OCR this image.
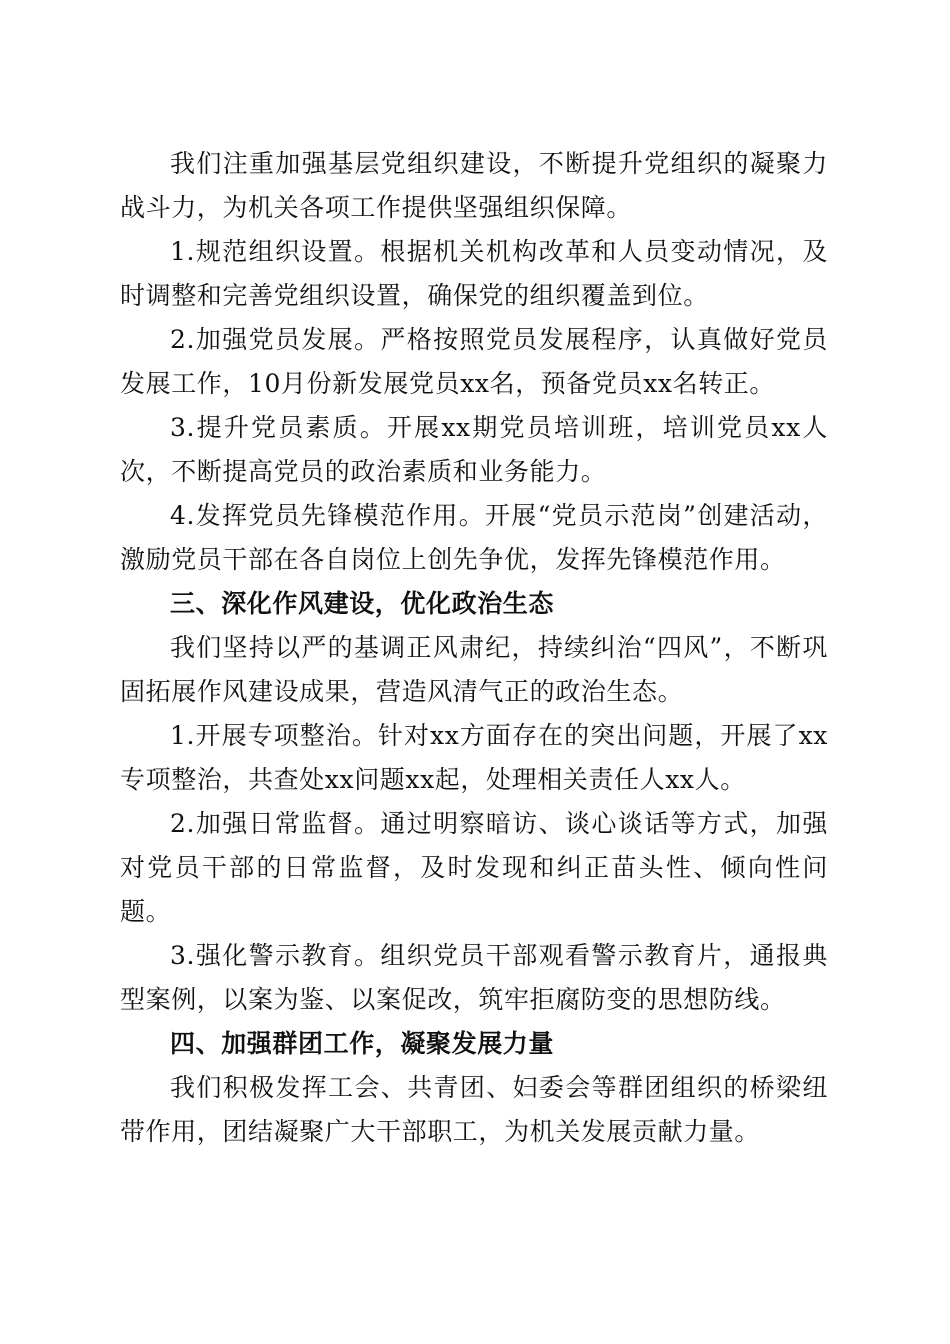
我们注重加强基层党组织建设，不断提升党组织的凝聚力战斗力，为机关各项工作提供坚强组织保障。

1.规范组织设置。根据机关机构改革和人员变动情况，及时调整和完善党组织设置，确保党的组织覆盖到位。

2.加强党员发展。严格按照党员发展程序，认真做好党员发展工作，10月份新发展党员xx名，预备党员xx名转正。

3.提升党员素质。开展xx期党员培训班，培训党员xx人次，不断提高党员的政治素质和业务能力。

4.发挥党员先锋模范作用。开展“党员示范岗”创建活动，激励党员干部在各自岗位上创先争优，发挥先锋模范作用。

三、深化作风建设，优化政治生态

我们坚持以严的基调正风肃纪，持续纠治“四风”，不断巩固拓展作风建设成果，营造风清气正的政治生态。

1.开展专项整治。针对xx方面存在的突出问题，开展了xx专项整治，共查处xx问题xx起，处理相关责任人xx人。

2.加强日常监督。通过明察暗访、谈心谈话等方式，加强对党员干部的日常监督，及时发现和纠正苗头性、倾向性问题。

3.强化警示教育。组织党员干部观看警示教育片，通报典型案例，以案为鉴、以案促改，筑牢拒腐防变的思想防线。

四、加强群团工作，凝聚发展力量

我们积极发挥工会、共青团、妇委会等群团组织的桥梁纽带作用，团结凝聚广大干部职工，为机关发展贡献力量。
